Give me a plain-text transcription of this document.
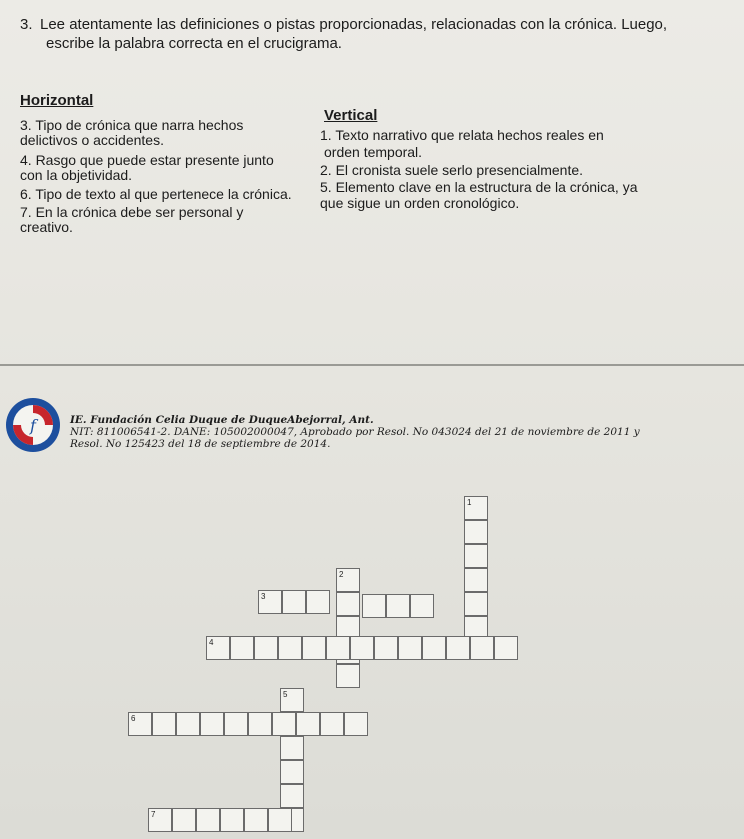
3. Lee atentamente las definiciones o pistas proporcionadas, relacionadas con la crónica. Luego,
escribe la palabra correcta en el crucigrama.
Horizontal
3. Tipo de crónica que narra hechos
delictivos o accidentes.
4. Rasgo que puede estar presente junto
con la objetividad.
6. Tipo de texto al que pertenece la crónica.
7. En la crónica debe ser personal y
creativo.
Vertical
1. Texto narrativo que relata hechos reales en
orden temporal.
2. El cronista suele serlo presencialmente.
5. Elemento clave en la estructura de la crónica, ya
que sigue un orden cronológico.
f	IE. Fundación Celia Duque de DuqueAbejorral, Ant.
NIT: 811006541-2. DANE: 105002000047, Aprobado por Resol. No 043024 del 21 de noviembre de 2011 y
Resol. No 125423 del 18 de septiembre de 2014.
1
2
3
4
5
6
7
